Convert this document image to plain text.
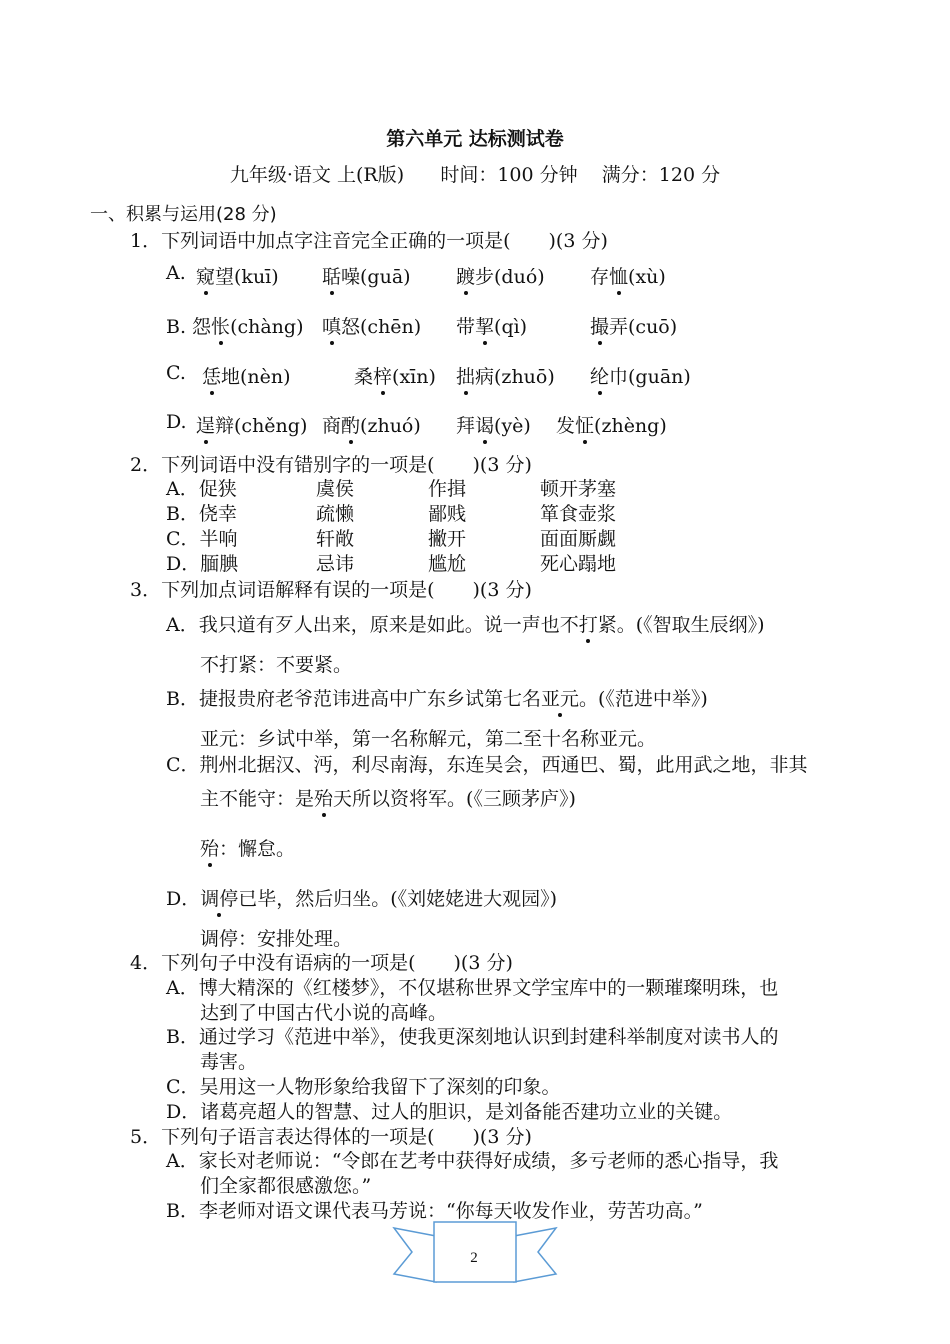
第六单元 达标测试卷
九年级·语文 上(R版)      时间：100 分钟    满分：120 分
一、积累与运用(28 分)
1．下列词语中加点字注音完全正确的一项是(　　)(3 分)
A. 窥望(kuī) 聒噪(guā) 踱步(duó) 存恤(xù)
B. 怨怅(chàng) 嗔怒(chēn) 带挈(qì)	撮弄(cuō)
C. 恁地(nèn)	桑梓(xīn) 拙病(zhuō) 纶巾(guān)
D. 逞辩(chěng) 商酌(zhuó) 拜谒(yè) 发怔(zhèng)
2．下列词语中没有错别字的一项是(　　)(3 分)
A．促狭	虞侯	作揖	顿开茅塞
B．侥幸	疏懒	鄙贱	箪食壶浆
C．半响	轩敞	撇开	面面厮觑
D．腼腆	忌讳	尴尬	死心蹋地
3．下列加点词语解释有误的一项是(　　)(3 分)
A．我只道有歹人出来，原来是如此。说一声也不打紧。(《智取生辰纲》)
不打紧：不要紧。
B．捷报贵府老爷范讳进高中广东乡试第七名亚元。(《范进中举》)
亚元：乡试中举，第一名称解元，第二至十名称亚元。
C．荆州北据汉、沔，利尽南海，东连吴会，西通巴、蜀，此用武之地，非其
主不能守：是殆天所以资将军。(《三顾茅庐》)
殆：懈怠。
D．调停已毕，然后归坐。(《刘姥姥进大观园》)
调停：安排处理。
4．下列句子中没有语病的一项是(　　)(3 分)
A．博大精深的《红楼梦》，不仅堪称世界文学宝库中的一颗璀璨明珠，也
达到了中国古代小说的高峰。
B．通过学习《范进中举》，使我更深刻地认识到封建科举制度对读书人的
毒害。
C．吴用这一人物形象给我留下了深刻的印象。
D．诸葛亮超人的智慧、过人的胆识，是刘备能否建功立业的关键。
5．下列句子语言表达得体的一项是(　　)(3 分)
A．家长对老师说：“令郎在艺考中获得好成绩，多亏老师的悉心指导，我
们全家都很感激您。”
B．李老师对语文课代表马芳说：“你每天收发作业，劳苦功高。”
2
